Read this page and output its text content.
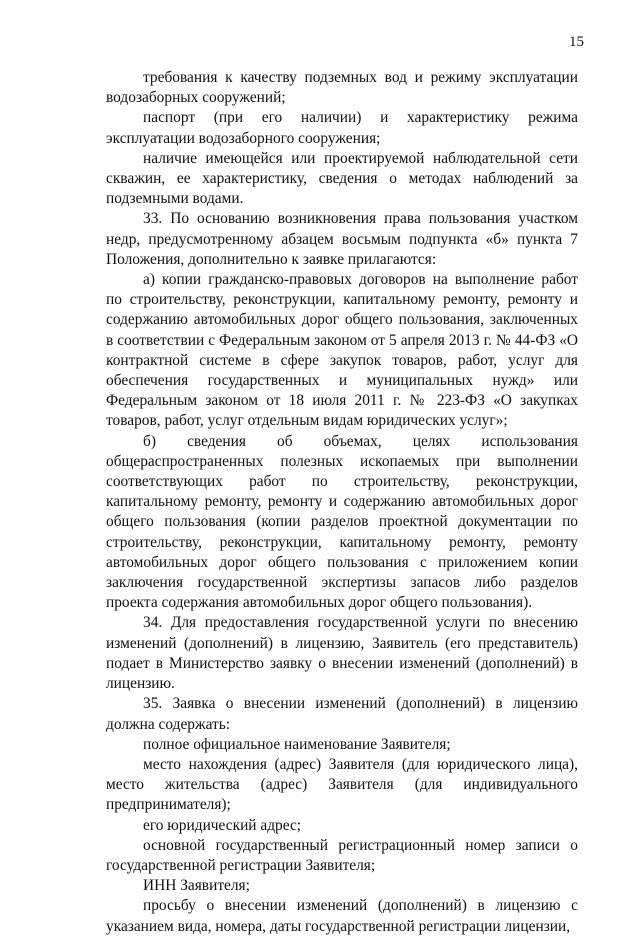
15

требования к качеству подземных вод и режиму эксплуатации водозаборных сооружений;

паспорт (при его наличии) и характеристику режима эксплуатации водозаборного сооружения;

наличие имеющейся или проектируемой наблюдательной сети скважин, ее характеристику, сведения о методах наблюдений за подземными водами.

33. По основанию возникновения права пользования участком недр, предусмотренному абзацем восьмым подпункта «б» пункта 7 Положения, дополнительно к заявке прилагаются:

а) копии гражданско-правовых договоров на выполнение работ по строительству, реконструкции, капитальному ремонту, ремонту и содержанию автомобильных дорог общего пользования, заключенных в соответствии с Федеральным законом от 5 апреля 2013 г. № 44-ФЗ «О контрактной системе в сфере закупок товаров, работ, услуг для обеспечения государственных и муниципальных нужд» или Федеральным законом от 18 июля 2011 г. № 223-ФЗ «О закупках товаров, работ, услуг отдельным видам юридических услуг»;

б) сведения об объемах, целях использования общераспространенных полезных ископаемых при выполнении соответствующих работ по строительству, реконструкции, капитальному ремонту, ремонту и содержанию автомобильных дорог общего пользования (копии разделов проектной документации по строительству, реконструкции, капитальному ремонту, ремонту автомобильных дорог общего пользования с приложением копии заключения государственной экспертизы запасов либо разделов проекта содержания автомобильных дорог общего пользования).

34. Для предоставления государственной услуги по внесению изменений (дополнений) в лицензию, Заявитель (его представитель) подает в Министерство заявку о внесении изменений (дополнений) в лицензию.

35. Заявка о внесении изменений (дополнений) в лицензию должна содержать:

полное официальное наименование Заявителя;

место нахождения (адрес) Заявителя (для юридического лица), место жительства (адрес) Заявителя (для индивидуального предпринимателя);

его юридический адрес;

основной государственный регистрационный номер записи о государственной регистрации Заявителя;

ИНН Заявителя;

просьбу о внесении изменений (дополнений) в лицензию с указанием вида, номера, даты государственной регистрации лицензии,
